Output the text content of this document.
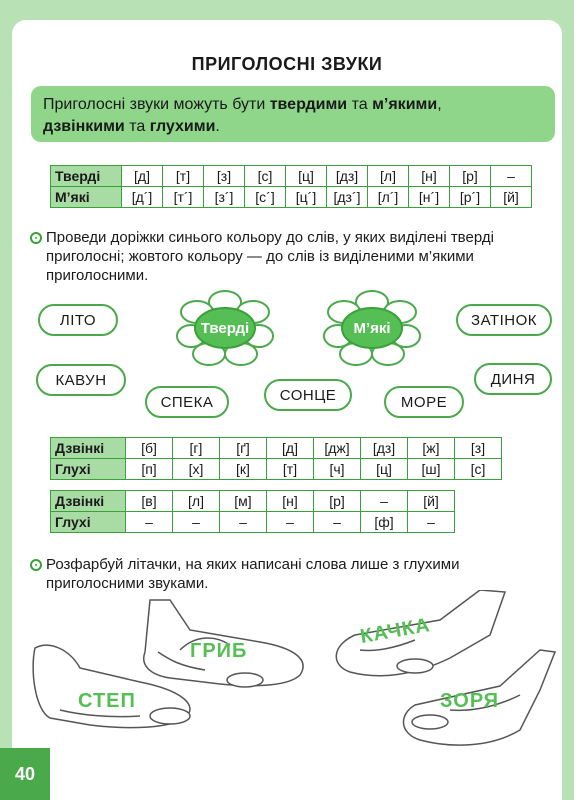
ПРИГОЛОСНІ ЗВУКИ
Приголосні звуки можуть бути твердими та м’якими,
дзвінкими та глухими.
Тверді	[д]	[т]	[з]	[с]	[ц]	[дз]	[л]	[н]	[р]	–
М’які	[д´]	[т´]	[з´]	[с´]	[ц´]	[дз´]	[л´]	[н´]	[р´]	[й]
Проведи доріжки синього кольору до слів, у яких виділені тверді приголосні; жовтого кольору — до слів із виділеними м’якими приголосними.
Тверді	М’які
ЛІТО	ЗАТІНОК
КАВУН	ДИНЯ
СПЕКА	СОНЦЕ	МОРЕ
Дзвінкі	[б]	[г]	[ґ]	[д]	[дж]	[дз]	[ж]	[з]
Глухі	[п]	[х]	[к]	[т]	[ч]	[ц]	[ш]	[с]
Дзвінкі	[в]	[л]	[м]	[н]	[р]	–	[й]
Глухі	–	–	–	–	–	[ф]	–
Розфарбуй літачки, на яких написані слова лише з глухими приголосними звуками.
ГРИБ
КАЧКА
СТЕП	ЗОРЯ
40
